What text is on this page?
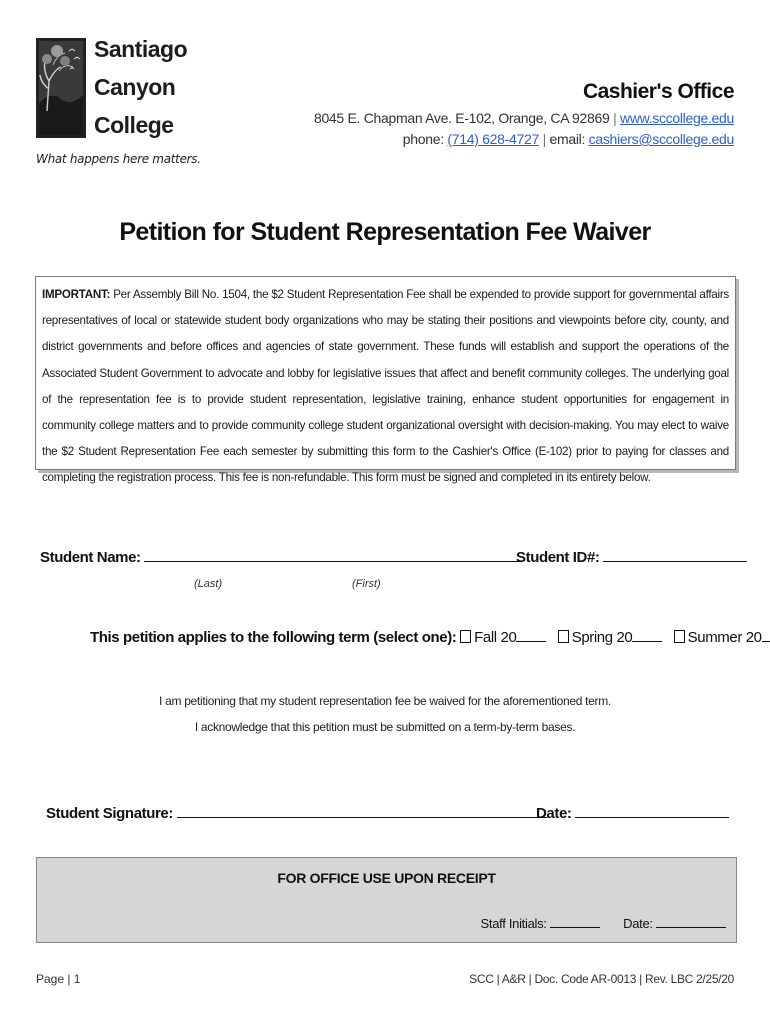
Santiago
Canyon
College
What happens here matters.
Cashier's Office
8045 E. Chapman Ave. E-102, Orange, CA 92869 | www.sccollege.edu
phone: (714) 628-4727 | email: cashiers@sccollege.edu
Petition for Student Representation Fee Waiver

IMPORTANT: Per Assembly Bill No. 1504, the $2 Student Representation Fee shall be expended to provide support for governmental affairs representatives of local or statewide student body organizations who may be stating their positions and viewpoints before city, county, and district governments and before offices and agencies of state government. These funds will establish and support the operations of the Associated Student Government to advocate and lobby for legislative issues that affect and benefit community colleges. The underlying goal of the representation fee is to provide student representation, legislative training, enhance student opportunities for engagement in community college matters and to provide community college student organizational oversight with decision-making. You may elect to waive the $2 Student Representation Fee each semester by submitting this form to the Cashier's Office (E-102) prior to paying for classes and completing the registration process. This fee is non-refundable. This form must be signed and completed in its entirety below.

Student Name:
(Last)	(First)
Student ID#:
This petition applies to the following term (select one): Fall 20	Spring 20	Summer 20
I am petitioning that my student representation fee be waived for the aforementioned term.
I acknowledge that this petition must be submitted on a term-by-term bases.
Student Signature:	Date:
FOR OFFICE USE UPON RECEIPT
Staff Initials:	Date:
Page | 1	SCC | A&R | Doc. Code AR-0013 | Rev. LBC 2/25/20
